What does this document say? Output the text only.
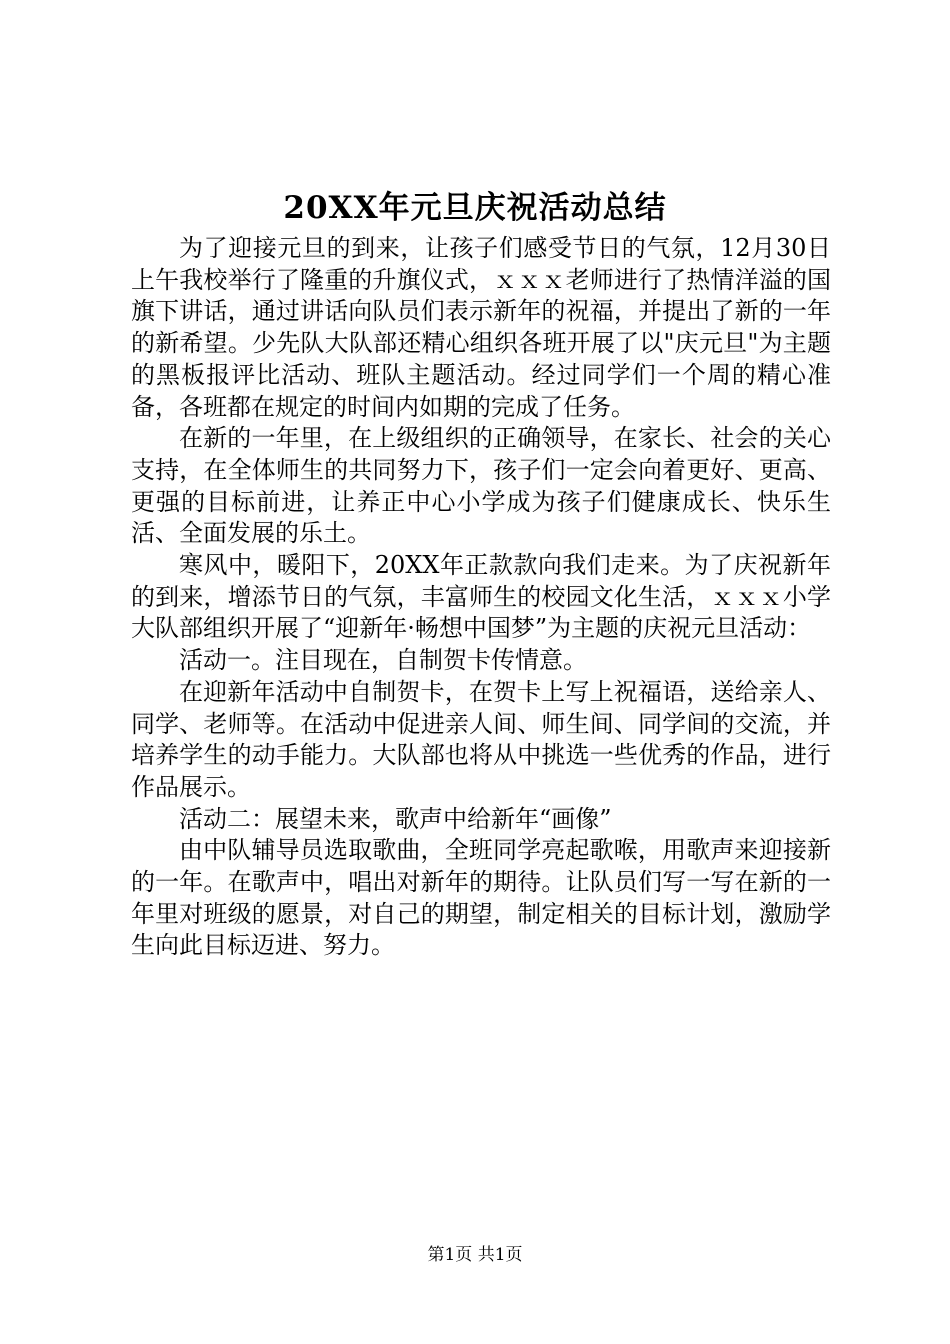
20XX年元旦庆祝活动总结

为了迎接元旦的到来，让孩子们感受节日的气氛，12月30日上午我校举行了隆重的升旗仪式，ｘｘｘ老师进行了热情洋溢的国旗下讲话，通过讲话向队员们表示新年的祝福，并提出了新的一年的新希望。少先队大队部还精心组织各班开展了以"庆元旦"为主题的黑板报评比活动、班队主题活动。经过同学们一个周的精心准备，各班都在规定的时间内如期的完成了任务。

在新的一年里，在上级组织的正确领导，在家长、社会的关心支持，在全体师生的共同努力下，孩子们一定会向着更好、更高、更强的目标前进，让养正中心小学成为孩子们健康成长、快乐生活、全面发展的乐土。

寒风中，暖阳下，20XX年正款款向我们走来。为了庆祝新年的到来，增添节日的气氛，丰富师生的校园文化生活，ｘｘｘ小学大队部组织开展了“迎新年·畅想中国梦”为主题的庆祝元旦活动：

活动一。注目现在，自制贺卡传情意。

在迎新年活动中自制贺卡，在贺卡上写上祝福语，送给亲人、同学、老师等。在活动中促进亲人间、师生间、同学间的交流，并培养学生的动手能力。大队部也将从中挑选一些优秀的作品，进行作品展示。

活动二：展望未来，歌声中给新年“画像”

由中队辅导员选取歌曲，全班同学亮起歌喉，用歌声来迎接新的一年。在歌声中，唱出对新年的期待。让队员们写一写在新的一年里对班级的愿景，对自己的期望，制定相关的目标计划，激励学生向此目标迈进、努力。

第1页 共1页
